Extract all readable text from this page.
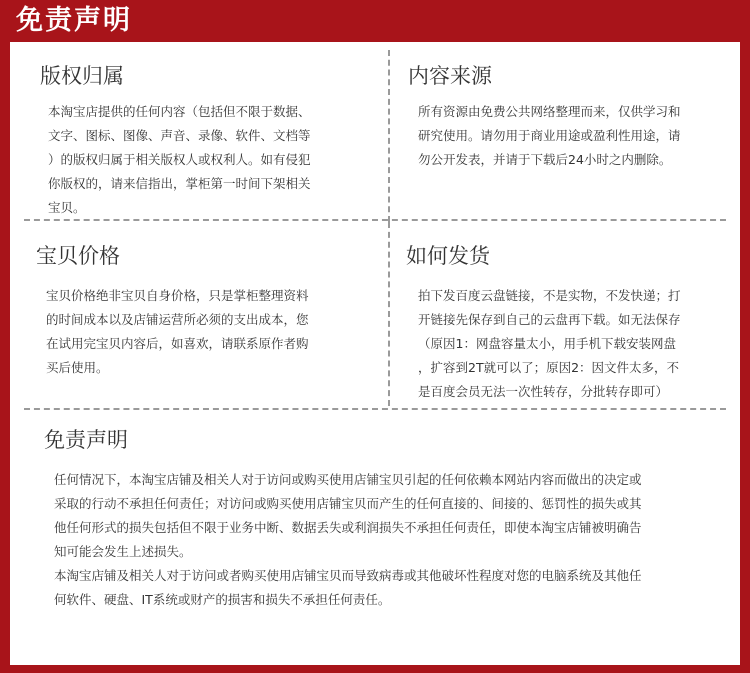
免责声明
版权归属
本淘宝店提供的任何内容（包括但不限于数据、
文字、图标、图像、声音、录像、软件、文档等
）的版权归属于相关版权人或权利人。如有侵犯
你版权的，请来信指出，掌柜第一时间下架相关
宝贝。
内容来源
所有资源由免费公共网络整理而来，仅供学习和
研究使用。请勿用于商业用途或盈利性用途，请
勿公开发表，并请于下载后24小时之内删除。
宝贝价格
宝贝价格绝非宝贝自身价格，只是掌柜整理资料
的时间成本以及店铺运营所必须的支出成本，您
在试用完宝贝内容后，如喜欢，请联系原作者购
买后使用。
如何发货
拍下发百度云盘链接，不是实物，不发快递；打
开链接先保存到自己的云盘再下载。如无法保存
（原因1：网盘容量太小，用手机下载安装网盘
，扩容到2T就可以了；原因2：因文件太多，不
是百度会员无法一次性转存，分批转存即可）
免责声明
任何情况下，本淘宝店铺及相关人对于访问或购买使用店铺宝贝引起的任何依赖本网站内容而做出的决定或
采取的行动不承担任何责任；对访问或购买使用店铺宝贝而产生的任何直接的、间接的、惩罚性的损失或其
他任何形式的损失包括但不限于业务中断、数据丢失或利润损失不承担任何责任，即使本淘宝店铺被明确告
知可能会发生上述损失。
本淘宝店铺及相关人对于访问或者购买使用店铺宝贝而导致病毒或其他破坏性程度对您的电脑系统及其他任
何软件、硬盘、IT系统或财产的损害和损失不承担任何责任。
